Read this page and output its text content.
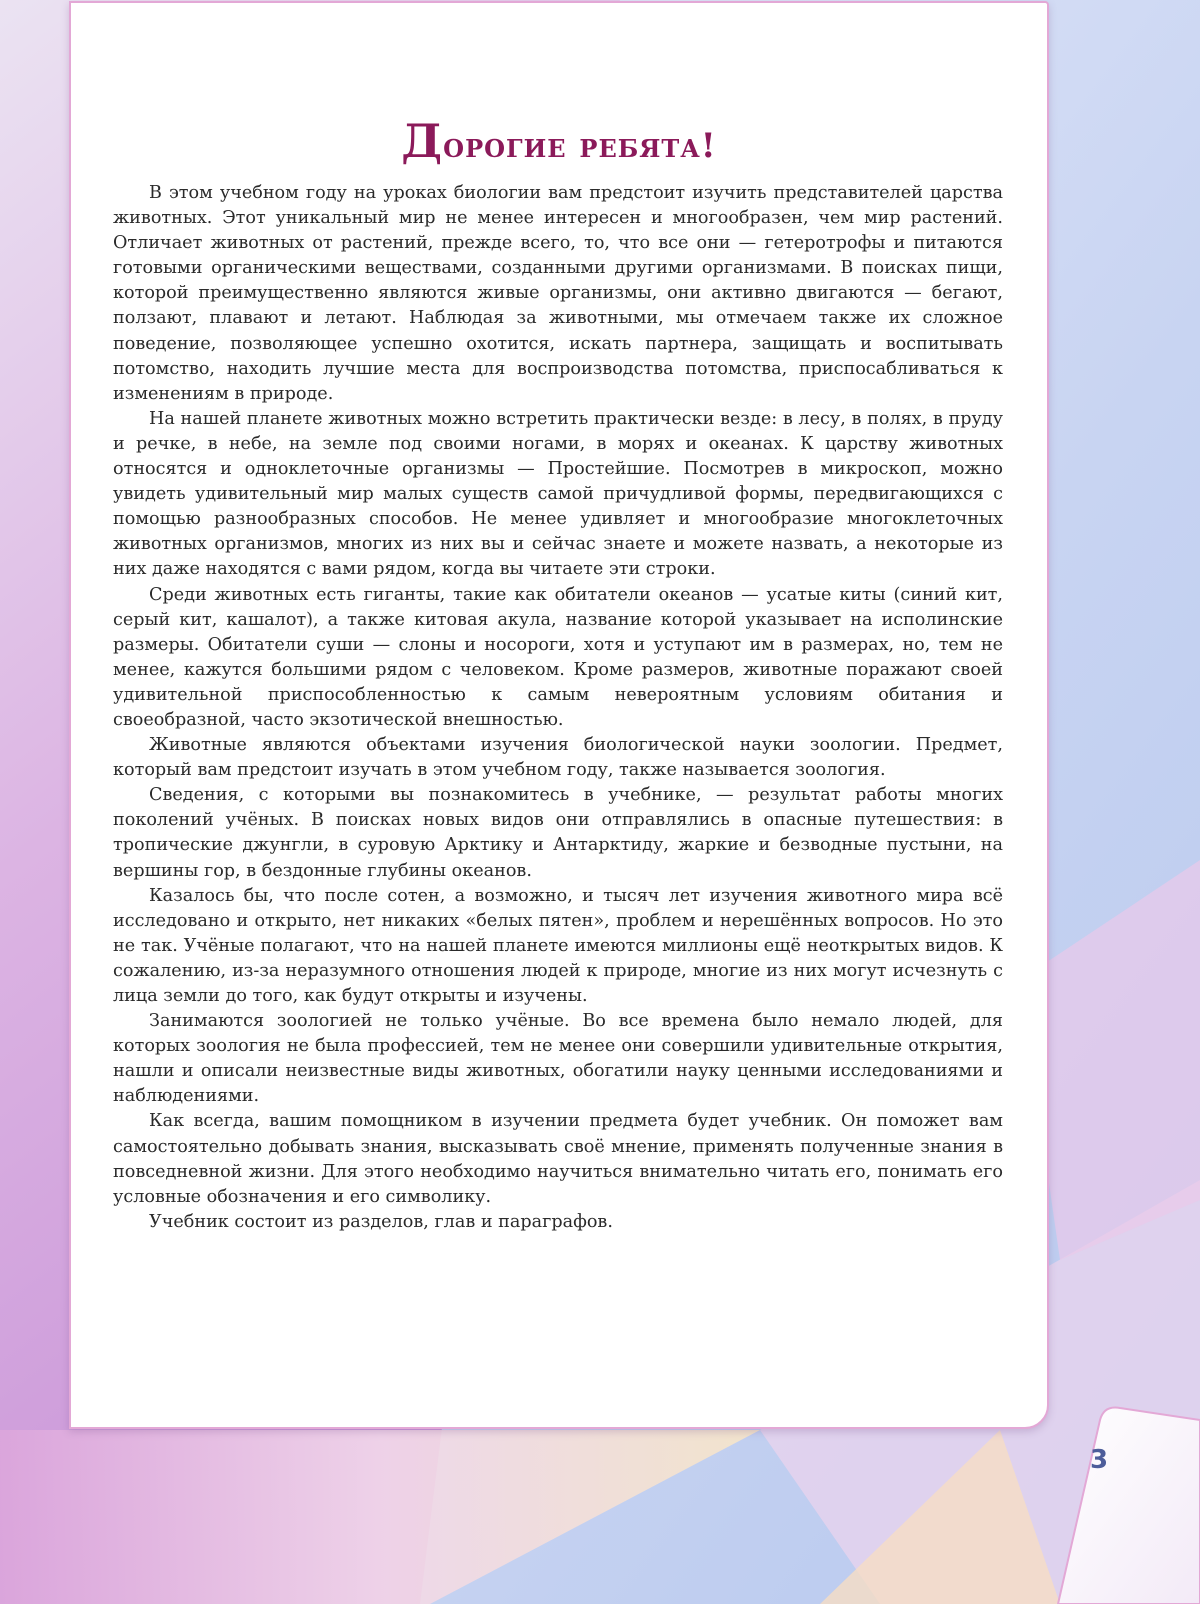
Дорогие ребята!

В этом учебном году на уроках биологии вам предстоит изучить представителей царства животных. Этот уникальный мир не менее интересен и многообразен, чем мир растений. Отличает животных от растений, прежде всего, то, что все они — гетеротрофы и питаются готовыми органическими веществами, созданными другими организмами. В поисках пищи, которой преимущественно являются живые организмы, они активно двигаются — бегают, ползают, плавают и летают. Наблюдая за животными, мы отмечаем также их сложное поведение, позволяющее успешно охотится, искать партнера, защищать и воспитывать потомство, находить лучшие места для воспроизводства потомства, приспосабливаться к изменениям в природе.

На нашей планете животных можно встретить практически везде: в лесу, в полях, в пруду и речке, в небе, на земле под своими ногами, в морях и океанах. К царству животных относятся и одноклеточные организмы — Простейшие. Посмотрев в микроскоп, можно увидеть удивительный мир малых существ самой причудливой формы, передвигающихся с помощью разнообразных способов. Не менее удивляет и многообразие многоклеточных животных организмов, многих из них вы и сейчас знаете и можете назвать, а некоторые из них даже находятся с вами рядом, когда вы читаете эти строки.

Среди животных есть гиганты, такие как обитатели океанов — усатые киты (синий кит, серый кит, кашалот), а также китовая акула, название которой указывает на исполинские размеры. Обитатели суши — слоны и носороги, хотя и уступают им в размерах, но, тем не менее, кажутся большими рядом с человеком. Кроме размеров, животные поражают своей удивительной приспособленностью к самым невероятным условиям обитания и своеобразной, часто экзотической внешностью.

Животные являются объектами изучения биологической науки зоологии. Предмет, который вам предстоит изучать в этом учебном году, также называется зоология.

Сведения, с которыми вы познакомитесь в учебнике, — результат работы многих поколений учёных. В поисках новых видов они отправлялись в опасные путешествия: в тропические джунгли, в суровую Арктику и Антарктиду, жаркие и безводные пустыни, на вершины гор, в бездонные глубины океанов.

Казалось бы, что после сотен, а возможно, и тысяч лет изучения животного мира всё исследовано и открыто, нет никаких «белых пятен», проблем и нерешённых вопросов. Но это не так. Учёные полагают, что на нашей планете имеются миллионы ещё неоткрытых видов. К сожалению, из-за неразумного отношения людей к природе, многие из них могут исчезнуть с лица земли до того, как будут открыты и изучены.

Занимаются зоологией не только учёные. Во все времена было немало людей, для которых зоология не была профессией, тем не менее они совершили удивительные открытия, нашли и описали неизвестные виды животных, обогатили науку ценными исследованиями и наблюдениями.

Как всегда, вашим помощником в изучении предмета будет учебник. Он поможет вам самостоятельно добывать знания, высказывать своё мнение, применять полученные знания в повседневной жизни. Для этого необходимо научиться внимательно читать его, понимать его условные обозначения и его символику.

Учебник состоит из разделов, глав и параграфов.

3
